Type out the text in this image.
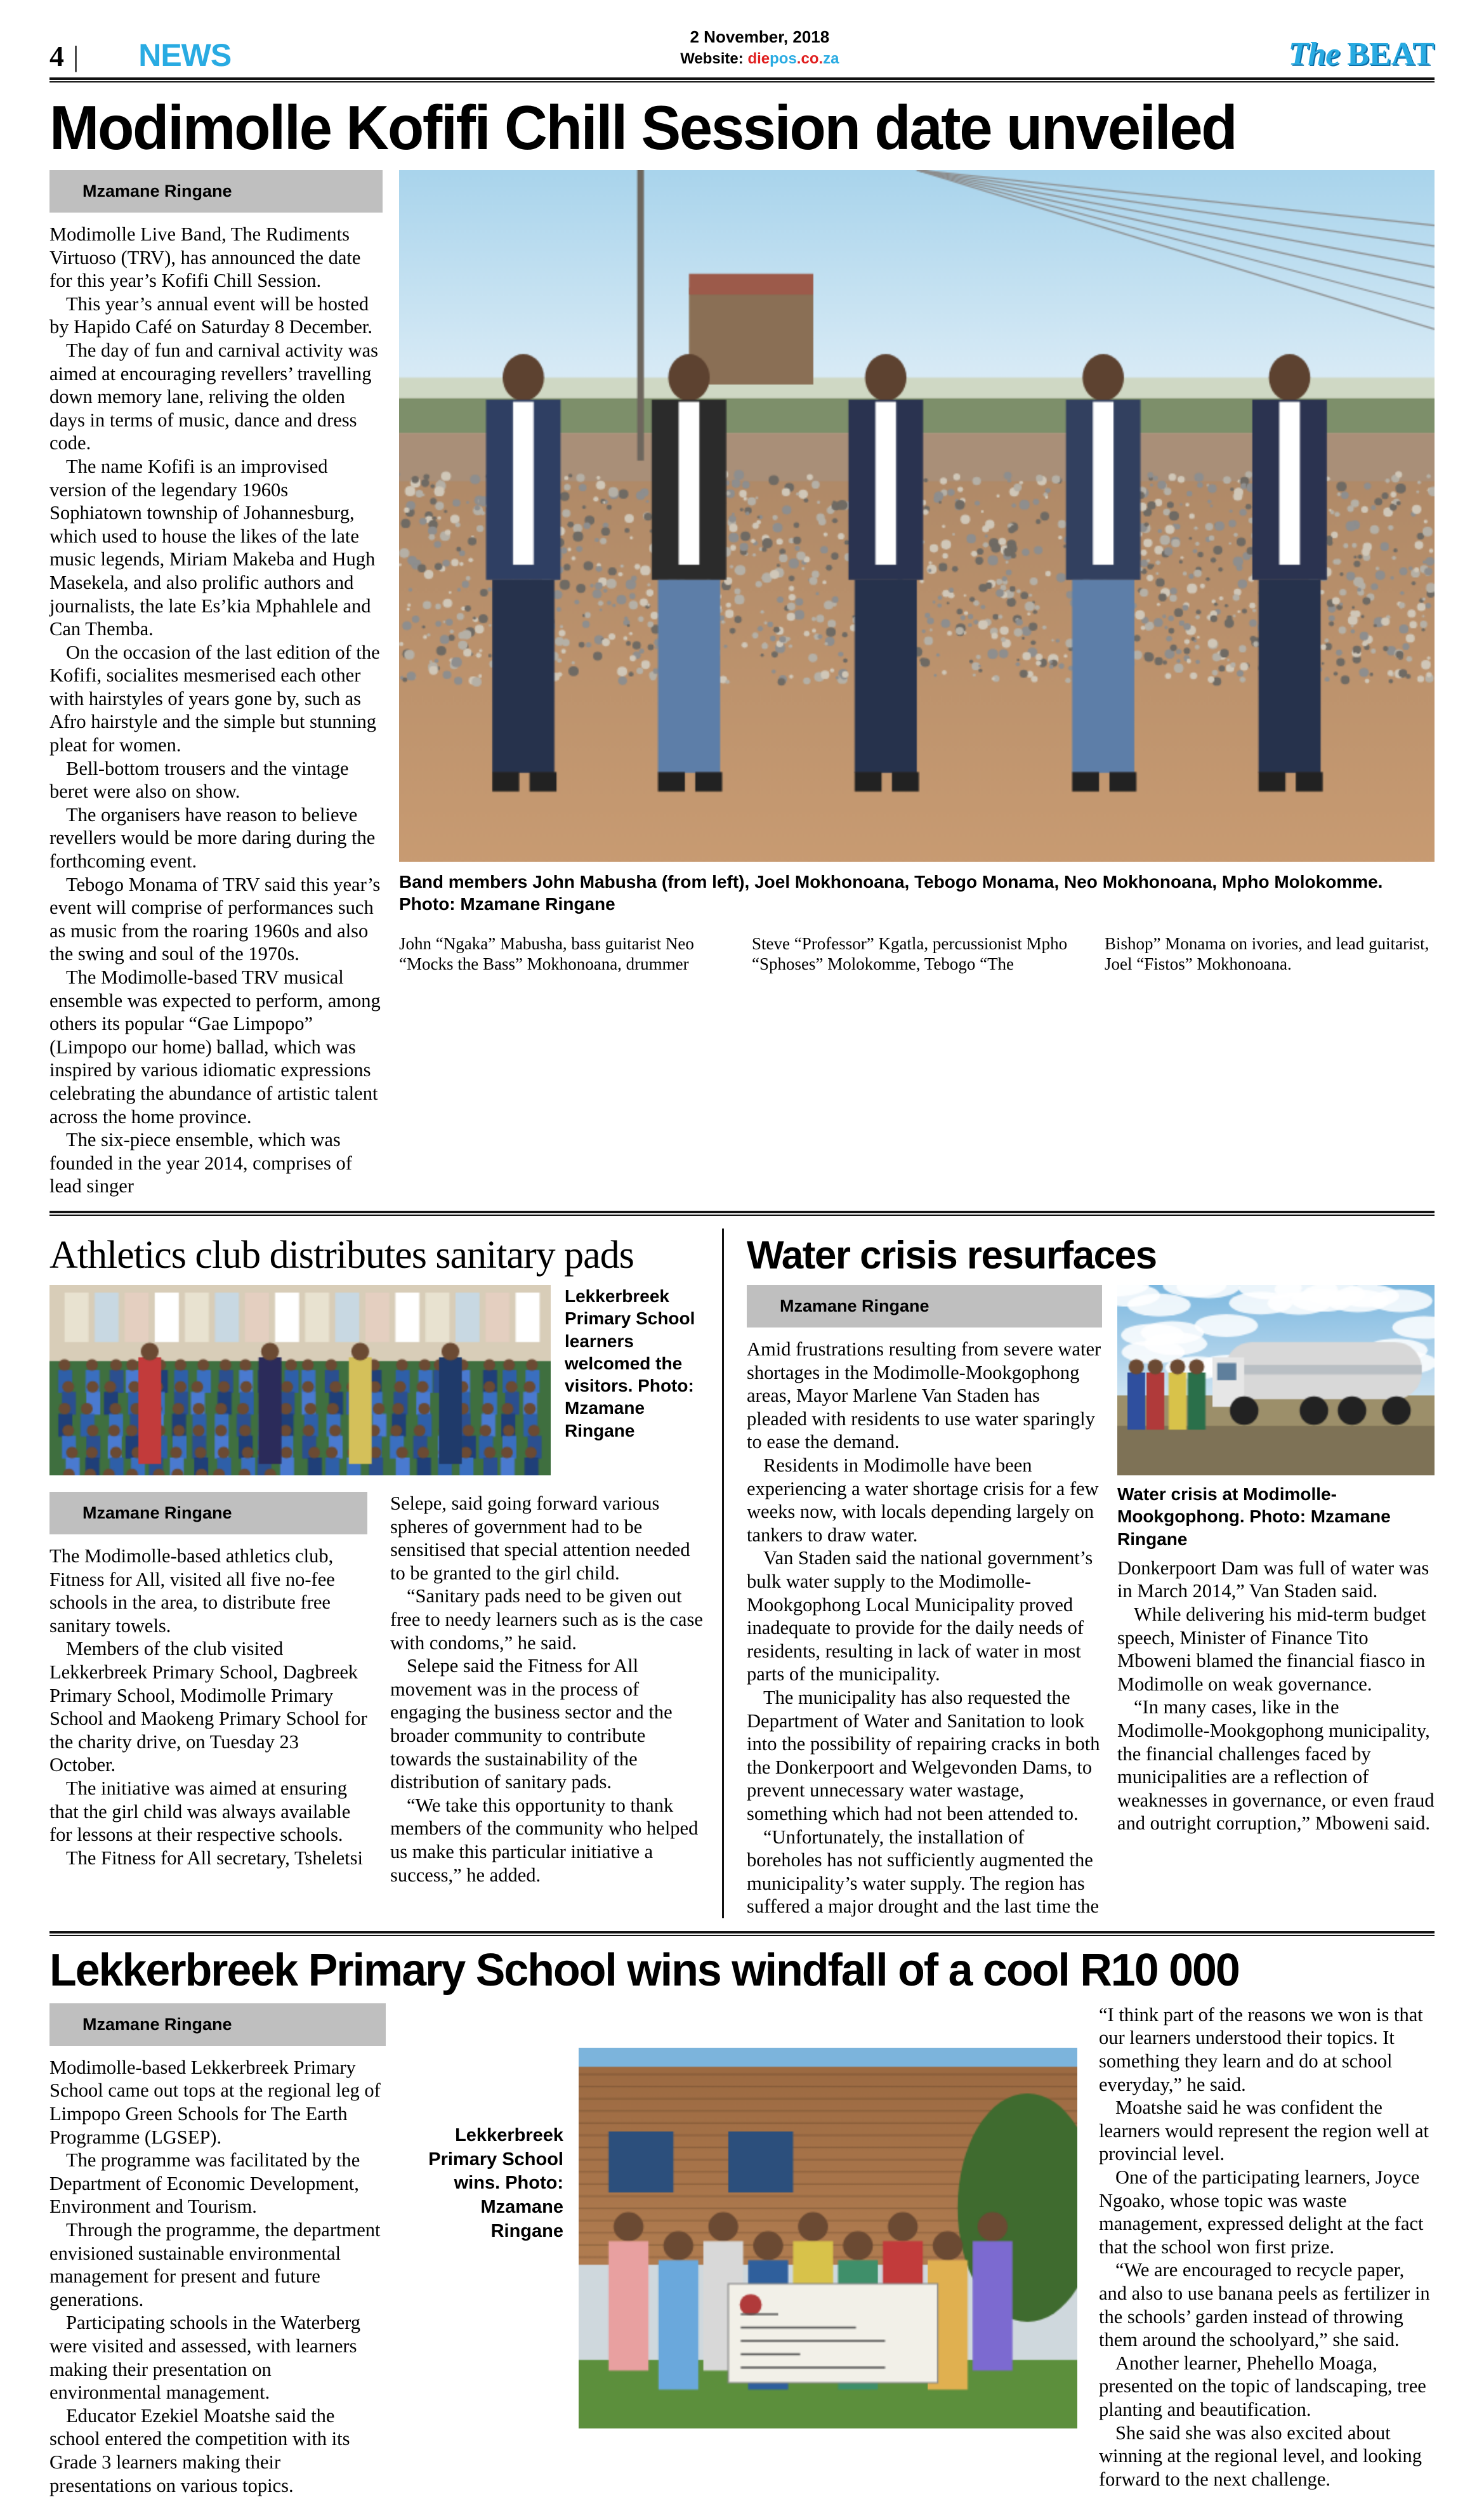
4 | NEWS
2 November, 2018
Website: diepos.co.za	The BEAT
Modimolle Kofifi Chill Session date unveiled
Mzamane Ringane

Modimolle Live Band, The Rudiments Virtuoso (TRV), has announced the date for this year’s Kofifi Chill Session.

This year’s annual event will be hosted by Hapido Café on Saturday 8 December.

The day of fun and carnival activity was aimed at encouraging revellers’ travelling down memory lane, reliving the olden days in terms of music, dance and dress code.

The name Kofifi is an improvised version of the legendary 1960s Sophiatown township of Johannesburg, which used to house the likes of the late music legends, Miriam Makeba and Hugh Masekela, and also prolific authors and journalists, the late Es’kia Mphahlele and Can Themba.

On the occasion of the last edition of the Kofifi, socialites mesmerised each other with hairstyles of years gone by, such as Afro hairstyle and the simple but stunning pleat for women.

Bell-bottom trousers and the vintage beret were also on show.

The organisers have reason to believe revellers would be more daring during the forthcoming event.

Tebogo Monama of TRV said this year’s event will comprise of performances such as music from the roaring 1960s and also the swing and soul of the 1970s.

The Modimolle-based TRV musical ensemble was expected to perform, among others its popular “Gae Limpopo” (Limpopo our home) ballad, which was inspired by various idiomatic expressions celebrating the abundance of artistic talent across the home province.

The six-piece ensemble, which was founded in the year 2014, comprises of lead singer

Band members John Mabusha (from left), Joel Mokhonoana, Tebogo Monama, Neo Mokhonoana, Mpho Molokomme. Photo: Mzamane Ringane
John “Ngaka” Mabusha, bass guitarist Neo “Mocks the Bass” Mokhonoana, drummer
Steve “Professor” Kgatla, percussionist Mpho “Sphoses” Molokomme, Tebogo “The
Bishop” Monama on ivories, and lead guitarist, Joel “Fistos” Mokhonoana.
Athletics club distributes sanitary pads
Lekkerbreek Primary School learners welcomed the visitors. Photo: Mzamane Ringane
Mzamane Ringane

The Modimolle-based athletics club, Fitness for All, visited all five no-fee schools in the area, to distribute free sanitary towels.

Members of the club visited Lekkerbreek Primary School, Dagbreek Primary School, Modimolle Primary School and Maokeng Primary School for the charity drive, on Tuesday 23 October.

The initiative was aimed at ensuring that the girl child was always available for lessons at their respective schools.

The Fitness for All secretary, Tsheletsi

Selepe, said going forward various spheres of government had to be sensitised that special attention needed to be granted to the girl child.

“Sanitary pads need to be given out free to needy learners such as is the case with condoms,” he said.

Selepe said the Fitness for All movement was in the process of engaging the business sector and the broader community to contribute towards the sustainability of the distribution of sanitary pads.

“We take this opportunity to thank members of the community who helped us make this particular initiative a success,” he added.

Water crisis resurfaces
Mzamane Ringane

Amid frustrations resulting from severe water shortages in the Modimolle-Mookgophong areas, Mayor Marlene Van Staden has pleaded with residents to use water sparingly to ease the demand.

Residents in Modimolle have been experiencing a water shortage crisis for a few weeks now, with locals depending largely on tankers to draw water.

Van Staden said the national government’s bulk water supply to the Modimolle-Mookgophong Local Municipality proved inadequate to provide for the daily needs of residents, resulting in lack of water in most parts of the municipality.

The municipality has also requested the Department of Water and Sanitation to look into the possibility of repairing cracks in both the Donkerpoort and Welgevonden Dams, to prevent unnecessary water wastage, something which had not been attended to.

“Unfortunately, the installation of boreholes has not sufficiently augmented the municipality’s water supply. The region has suffered a major drought and the last time the

Water crisis at Modimolle-Mookgophong. Photo: Mzamane Ringane

Donkerpoort Dam was full of water was in March 2014,” Van Staden said.

While delivering his mid-term budget speech, Minister of Finance Tito Mboweni blamed the financial fiasco in Modimolle on weak governance.

“In many cases, like in the Modimolle-Mookgophong municipality, the financial challenges faced by municipalities are a reflection of weaknesses in governance, or even fraud and outright corruption,” Mboweni said.

Lekkerbreek Primary School wins windfall of a cool R10 000
Mzamane Ringane

Modimolle-based Lekkerbreek Primary School came out tops at the regional leg of Limpopo Green Schools for The Earth Programme (LGSEP).

The programme was facilitated by the Department of Economic Development, Environment and Tourism.

Through the programme, the department envisioned sustainable environmental management for present and future generations.

Participating schools in the Waterberg were visited and assessed, with learners making their presentation on environmental management.

Educator Ezekiel Moatshe said the school entered the competition with its Grade 3 learners making their presentations on various topics.

Lekkerbreek Primary School wins. Photo: Mzamane Ringane

“I think part of the reasons we won is that our learners understood their topics. It something they learn and do at school everyday,” he said.

Moatshe said he was confident the learners would represent the region well at provincial level.

One of the participating learners, Joyce Ngoako, whose topic was waste management, expressed delight at the fact that the school won first prize.

“We are encouraged to recycle paper, and also to use banana peels as fertilizer in the schools’ garden instead of throwing them around the schoolyard,” she said.

Another learner, Phehello Moaga, presented on the topic of landscaping, tree planting and beautification.

She said she was also excited about winning at the regional level, and looking forward to the next challenge.
